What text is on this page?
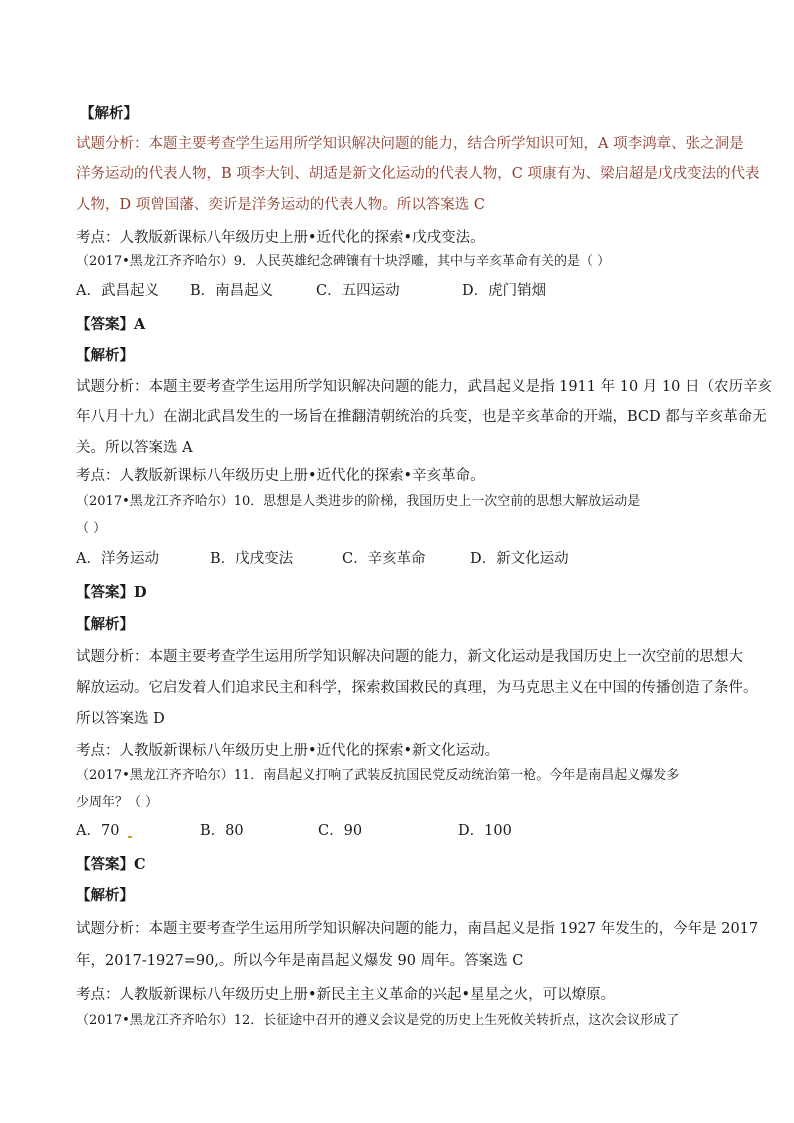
【解析】
试题分析：本题主要考查学生运用所学知识解决问题的能力，结合所学知识可知，A 项李鸿章、张之洞是
洋务运动的代表人物，B 项李大钊、胡适是新文化运动的代表人物，C 项康有为、梁启超是戊戌变法的代表
人物，D 项曾国藩、奕䜣是洋务运动的代表人物。所以答案选 C
考点：人教版新课标八年级历史上册•近代化的探索•戊戌变法。
（2017•黑龙江齐齐哈尔）9．人民英雄纪念碑镶有十块浮雕，其中与辛亥革命有关的是（ ）
A．武昌起义 B．南昌起义	C．五四运动	D．虎门销烟
【答案】A
【解析】
试题分析：本题主要考查学生运用所学知识解决问题的能力，武昌起义是指 1911 年 10 月 10 日（农历辛亥
年八月十九）在湖北武昌发生的一场旨在推翻清朝统治的兵变，也是辛亥革命的开端，BCD 都与辛亥革命无
关。所以答案选 A
考点：人教版新课标八年级历史上册•近代化的探索•辛亥革命。
（2017•黑龙江齐齐哈尔）10．思想是人类进步的阶梯，我国历史上一次空前的思想大解放运动是
（ ）
A．洋务运动	B．戊戌变法	C．辛亥革命	D．新文化运动
【答案】D
【解析】
试题分析：本题主要考查学生运用所学知识解决问题的能力，新文化运动是我国历史上一次空前的思想大
解放运动。它启发着人们追求民主和科学，探索救国救民的真理，为马克思主义在中国的传播创造了条件。
所以答案选 D
考点：人教版新课标八年级历史上册•近代化的探索•新文化运动。
（2017•黑龙江齐齐哈尔）11．南昌起义打响了武装反抗国民党反动统治第一枪。今年是南昌起义爆发多
少周年？（ ）
A．70	B．80	C．90	D．100
【答案】C
【解析】
试题分析：本题主要考查学生运用所学知识解决问题的能力，南昌起义是指 1927 年发生的，今年是 2017
年，2017-1927=90,。所以今年是南昌起义爆发 90 周年。答案选 C
考点：人教版新课标八年级历史上册•新民主主义革命的兴起•星星之火，可以燎原。
（2017•黑龙江齐齐哈尔）12．长征途中召开的遵义会议是党的历史上生死攸关转折点，这次会议形成了
